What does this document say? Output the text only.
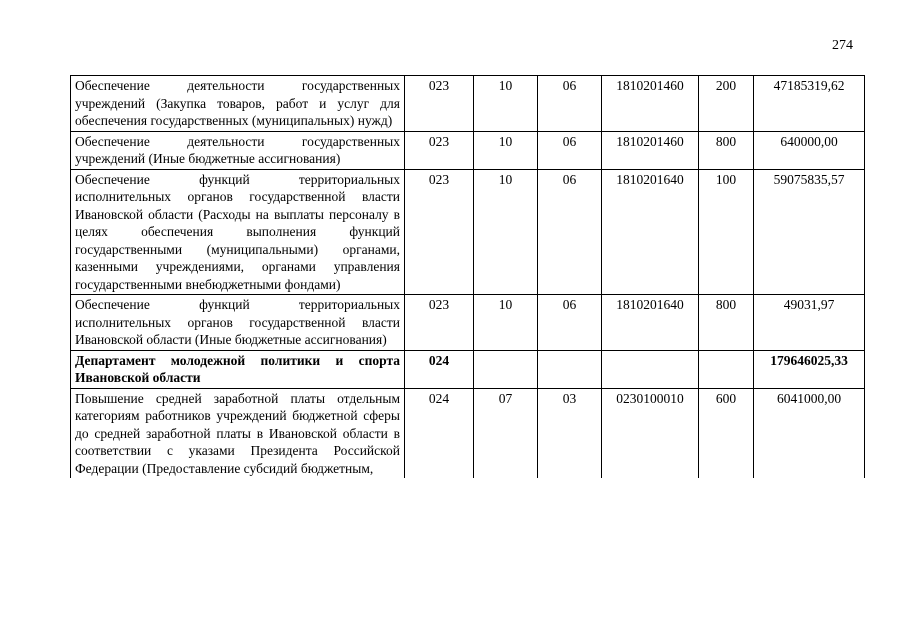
274
Обеспечение деятельности государственных учреждений (Закупка товаров, работ и услуг для обеспечения государственных (муниципальных) нужд)	023	10	06	1810201460	200	47185319,62
Обеспечение деятельности государственных учреждений (Иные бюджетные ассигнования)	023	10	06	1810201460	800	640000,00
Обеспечение функций территориальных исполнительных органов государственной власти Ивановской области (Расходы на выплаты персоналу в целях обеспечения выполнения функций государственными (муниципальными) органами, казенными учреждениями, органами управления государственными внебюджетными фондами)	023	10	06	1810201640	100	59075835,57
Обеспечение функций территориальных исполнительных органов государственной власти Ивановской области (Иные бюджетные ассигнования)	023	10	06	1810201640	800	49031,97
Департамент молодежной политики и спорта Ивановской области	024					179646025,33
Повышение средней заработной платы отдельным категориям работников учреждений бюджетной сферы до средней заработной платы в Ивановской области в соответствии с указами Президента Российской Федерации (Предоставление субсидий бюджетным,	024	07	03	0230100010	600	6041000,00
